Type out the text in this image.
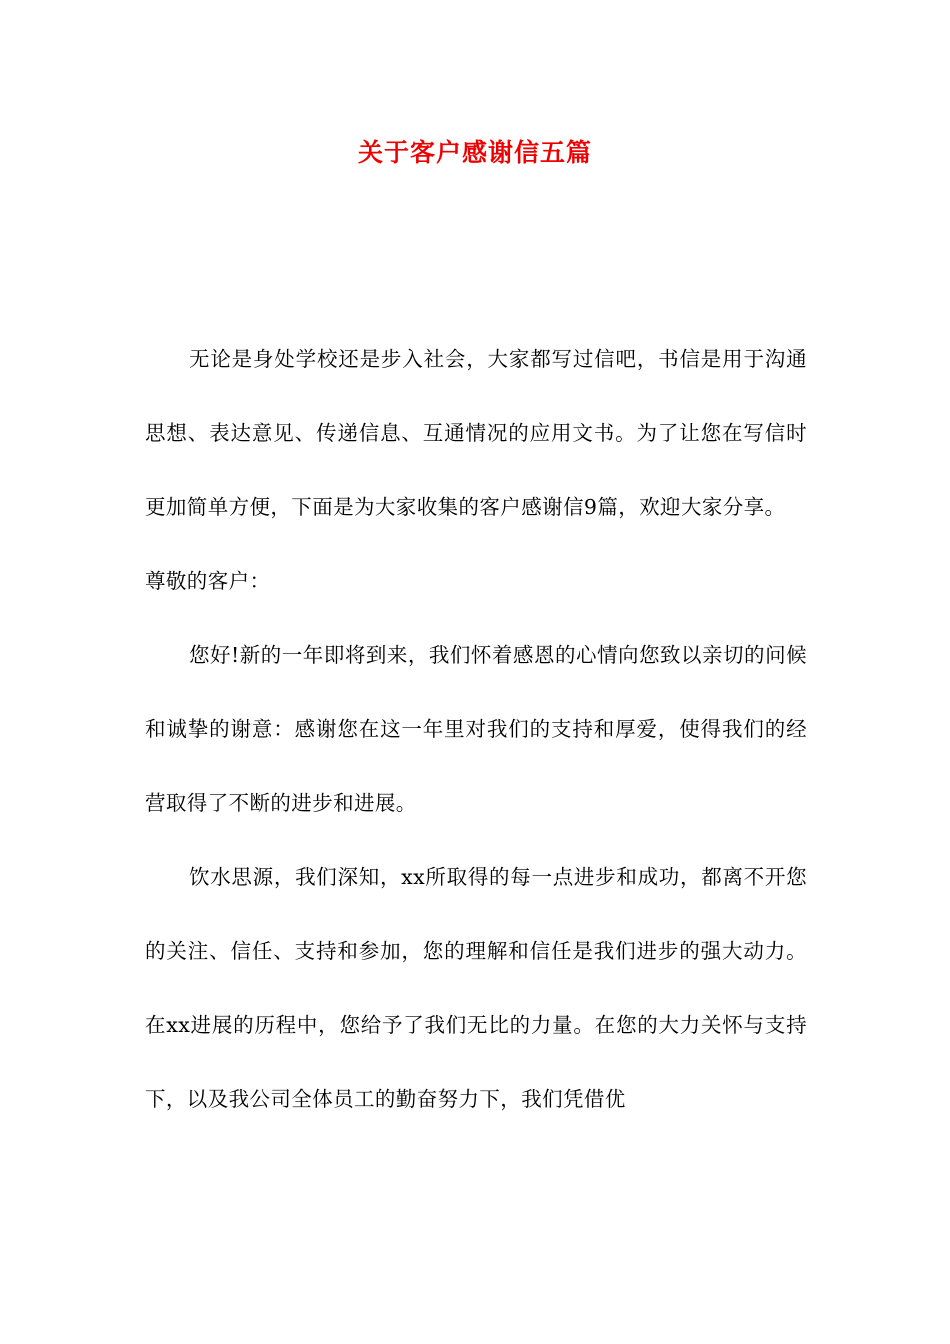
关于客户感谢信五篇

无论是身处学校还是步入社会，大家都写过信吧，书信是用于沟通思想、表达意见、传递信息、互通情况的应用文书。为了让您在写信时更加简单方便，下面是为大家收集的客户感谢信9篇，欢迎大家分享。

尊敬的客户：

您好!新的一年即将到来，我们怀着感恩的心情向您致以亲切的问候和诚挚的谢意：感谢您在这一年里对我们的支持和厚爱，使得我们的经营取得了不断的进步和进展。

饮水思源，我们深知，xx所取得的每一点进步和成功，都离不开您的关注、信任、支持和参加，您的理解和信任是我们进步的强大动力。在xx进展的历程中，您给予了我们无比的力量。在您的大力关怀与支持下，以及我公司全体员工的勤奋努力下，我们凭借优
